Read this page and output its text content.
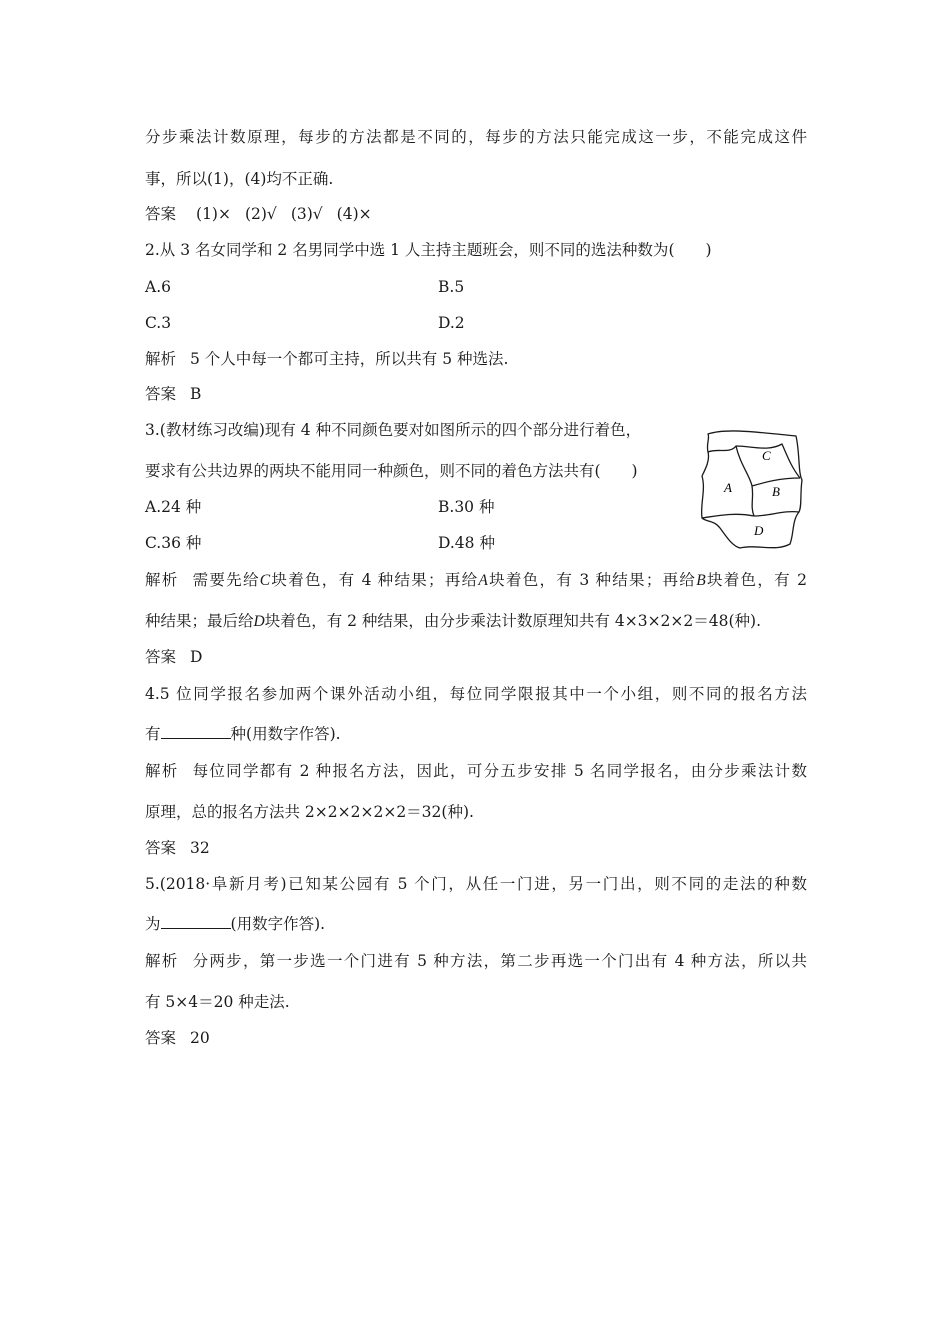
分步乘法计数原理，每步的方法都是不同的，每步的方法只能完成这一步，不能完成这件
事，所以(1)，(4)均不正确.
答案 (1)× (2)√ (3)√ (4)×
2.从 3 名女同学和 2 名男同学中选 1 人主持主题班会，则不同的选法种数为(　　)
A.6	B.5
C.3	D.2
解析 5 个人中每一个都可主持，所以共有 5 种选法.
答案 B
3.(教材练习改编)现有 4 种不同颜色要对如图所示的四个部分进行着色，
要求有公共边界的两块不能用同一种颜色，则不同的着色方法共有(　　)
A.24 种	B.30 种
C.36 种	D.48 种
C
A	B
D
解析 需要先给C块着色，有 4 种结果；再给A块着色，有 3 种结果；再给B块着色，有 2
种结果；最后给D块着色，有 2 种结果，由分步乘法计数原理知共有 4×3×2×2＝48(种).
答案 D
4.5 位同学报名参加两个课外活动小组，每位同学限报其中一个小组，则不同的报名方法
有	种(用数字作答).
解析 每位同学都有 2 种报名方法，因此，可分五步安排 5 名同学报名，由分步乘法计数
原理，总的报名方法共 2×2×2×2×2＝32(种).
答案 32
5.(2018·阜新月考)已知某公园有 5 个门，从任一门进，另一门出，则不同的走法的种数
为	(用数字作答).
解析 分两步，第一步选一个门进有 5 种方法，第二步再选一个门出有 4 种方法，所以共
有 5×4＝20 种走法.
答案 20
